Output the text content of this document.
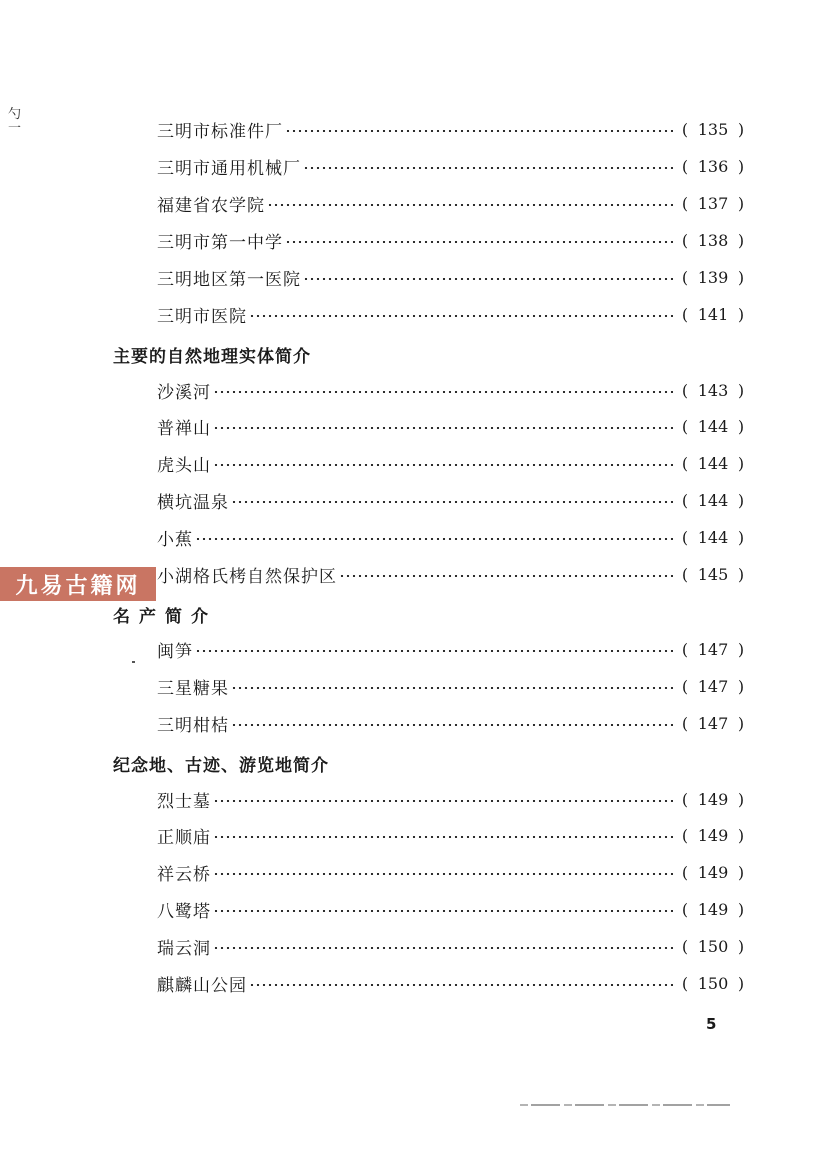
勺
一	三明市标准件厂	( 135 )
三明市通用机械厂	( 136 )
福建省农学院	( 137 )
三明市第一中学	( 138 )
三明地区第一医院	( 139 )
三明市医院	( 141 )
主要的自然地理实体简介
沙溪河	( 143 )
普禅山	( 144 )
虎头山	( 144 )
横坑温泉	( 144 )
小蕉	( 144 )
小湖格氏栲自然保护区	( 145 )
名产简介
闽笋	( 147 )
三星糖果	( 147 )
三明柑桔	( 147 )
纪念地、古迹、游览地简介
烈士墓	( 149 )
正顺庙	( 149 )
祥云桥	( 149 )
八鹭塔	( 149 )
瑞云洞	( 150 )
麒麟山公园	( 150 )
九易古籍网
5
